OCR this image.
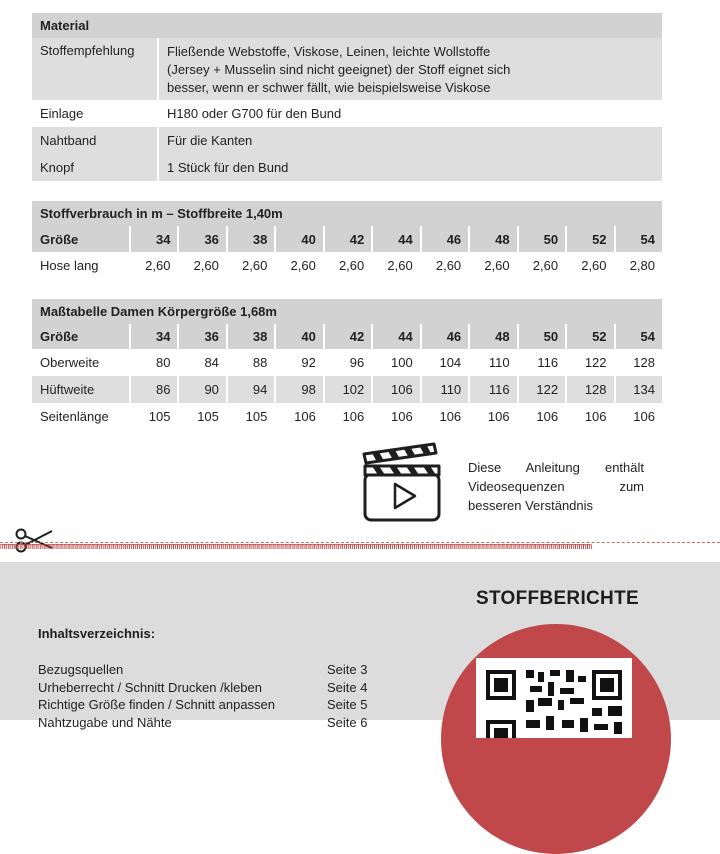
Material	
Stoffempfehlung	Fließende Webstoffe, Viskose, Leinen, leichte Wollstoffe
(Jersey + Musselin sind nicht geeignet) der Stoff eignet sich
besser, wenn er schwer fällt, wie beispielsweise Viskose

Einlage	H180 oder G700 für den Bund
Nahtband	Für die Kanten
Knopf	1 Stück für den Bund
Stoffverbrauch in m – Stoffbreite 1,40m											
Größe	34	36	38	40	42	44	46	48	50	52	54
Hose lang	2,60	2,60	2,60	2,60	2,60	2,60	2,60	2,60	2,60	2,60	2,80
Maßtabelle Damen Körpergröße 1,68m											
Größe	34	36	38	40	42	44	46	48	50	52	54
Oberweite	80	84	88	92	96	100	104	110	116	122	128
Hüftweite	86	90	94	98	102	106	110	116	122	128	134
Seitenlänge	105	105	105	106	106	106	106	106	106	106	106
Diese Anleitung enthält Videosequenzen zum besseren Verständnis
mmmmmmmmmmmmmmmmmmmmmmmmmmmmmmmmmmmmmmmmmmmmmmmmmmmmmmmmmmmmmmmmmmmmmmmmmmmmmmmmmmmmmmmmmmmmmmmmmmmmmmmmmmmmmmmmmmmmmmmmmmmmmmmmmmmmmmmmmmmmmmmmmmm
STOFFBERICHTE
Inhaltsverzeichnis:
Bezugsquellen	Seite 3
Urheberrecht / Schnitt Drucken /kleben	Seite 4
Richtige Größe finden / Schnitt anpassen	Seite 5
Nahtzugabe und Nähte	Seite 6
